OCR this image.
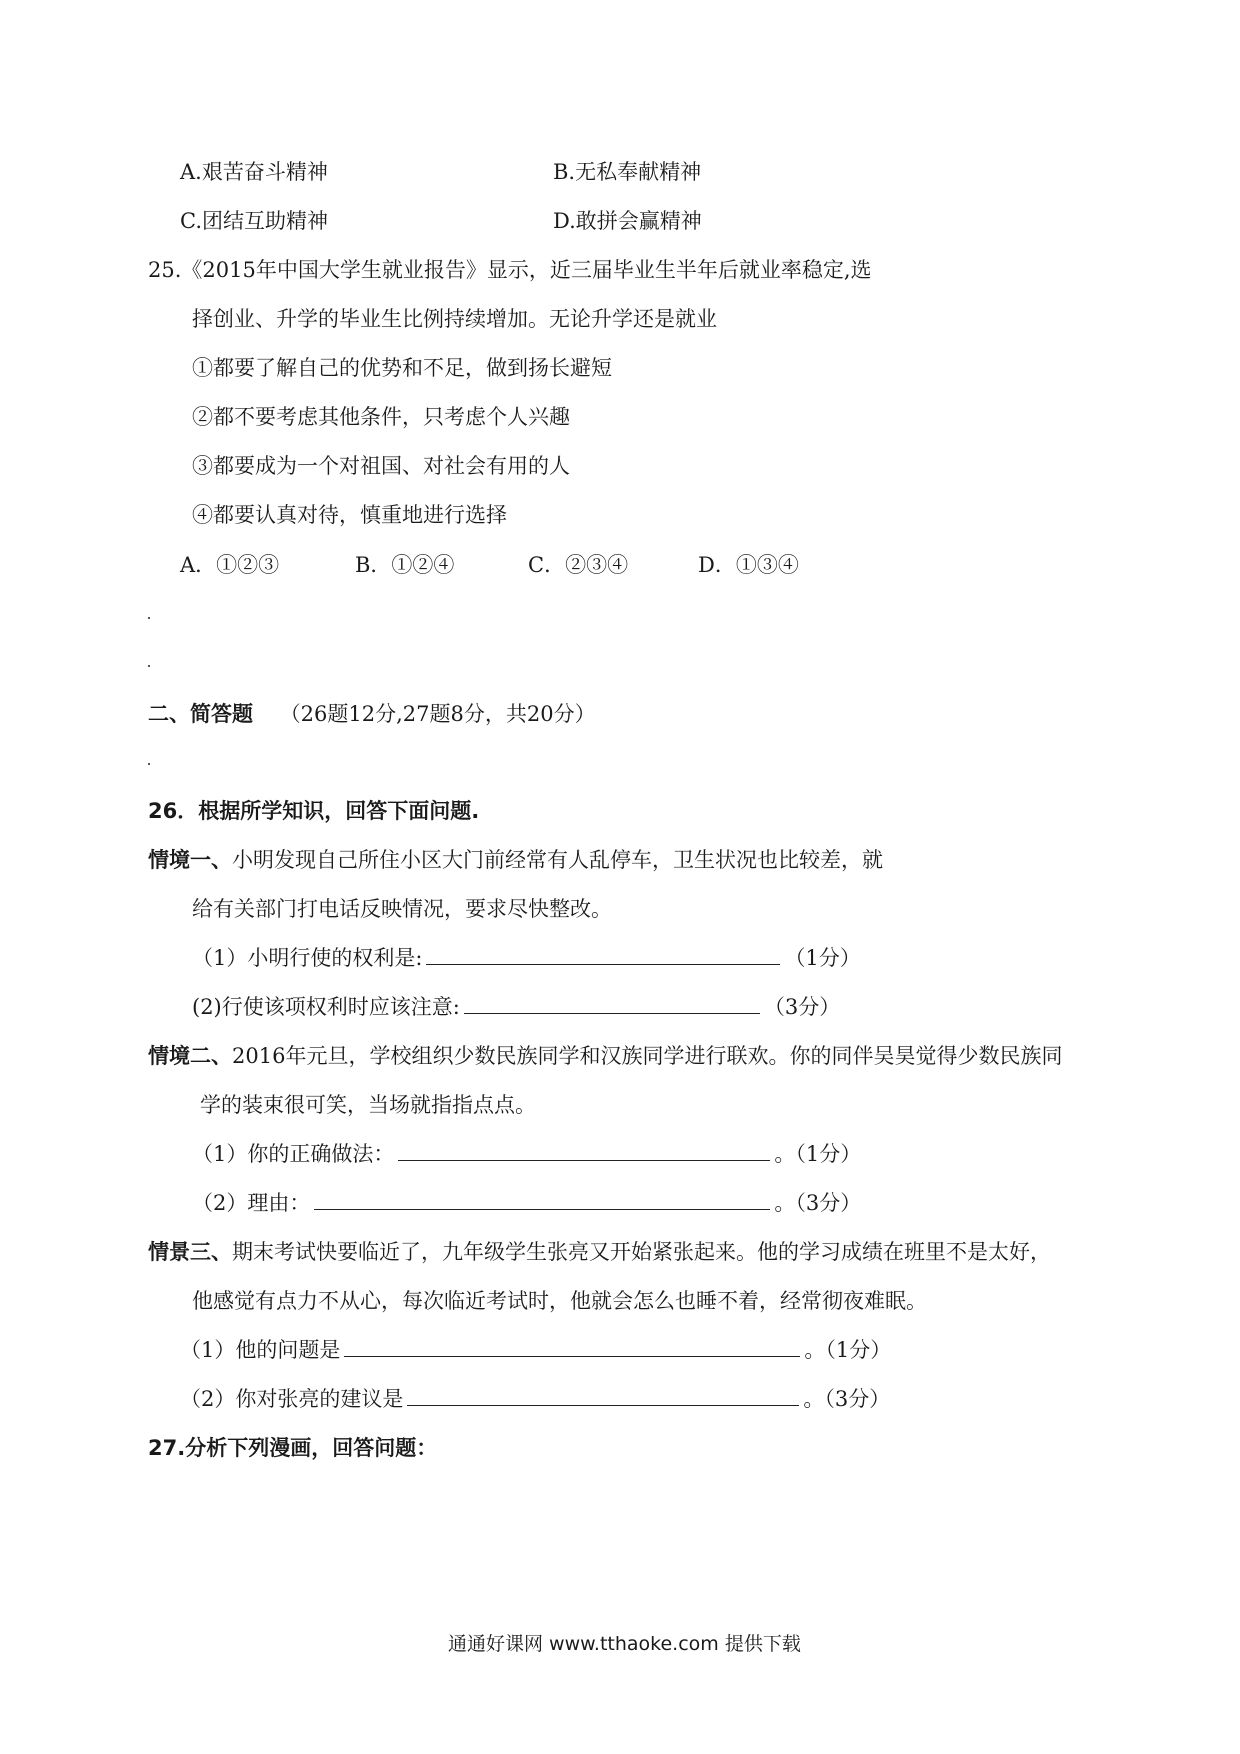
A.艰苦奋斗精神	B.无私奉献精神
C.团结互助精神	D.敢拼会赢精神
25.《2015年中国大学生就业报告》显示，近三届毕业生半年后就业率稳定,选
择创业、升学的毕业生比例持续增加。无论升学还是就业
①都要了解自己的优势和不足，做到扬长避短
②都不要考虑其他条件，只考虑个人兴趣
③都要成为一个对祖国、对社会有用的人
④都要认真对待，慎重地进行选择
A．①②③	B．①②④	C．②③④	D．①③④
二、简答题 （26题12分,27题8分，共20分）
26．根据所学知识，回答下面问题.
情境一、小明发现自己所住小区大门前经常有人乱停车，卫生状况也比较差，就
给有关部门打电话反映情况，要求尽快整改。
（1）小明行使的权利是:	（1分）
(2)行使该项权利时应该注意:	（3分）
情境二、2016年元旦，学校组织少数民族同学和汉族同学进行联欢。你的同伴吴昊觉得少数民族同
学的装束很可笑，当场就指指点点。
（1）你的正确做法：	。（1分）
（2）理由：	。（3分）
情景三、期末考试快要临近了，九年级学生张亮又开始紧张起来。他的学习成绩在班里不是太好，
他感觉有点力不从心，每次临近考试时，他就会怎么也睡不着，经常彻夜难眠。
（1）他的问题是	。（1分）
（2）你对张亮的建议是	。（3分）
27.分析下列漫画，回答问题：
通通好课网 www.tthaoke.com 提供下载
